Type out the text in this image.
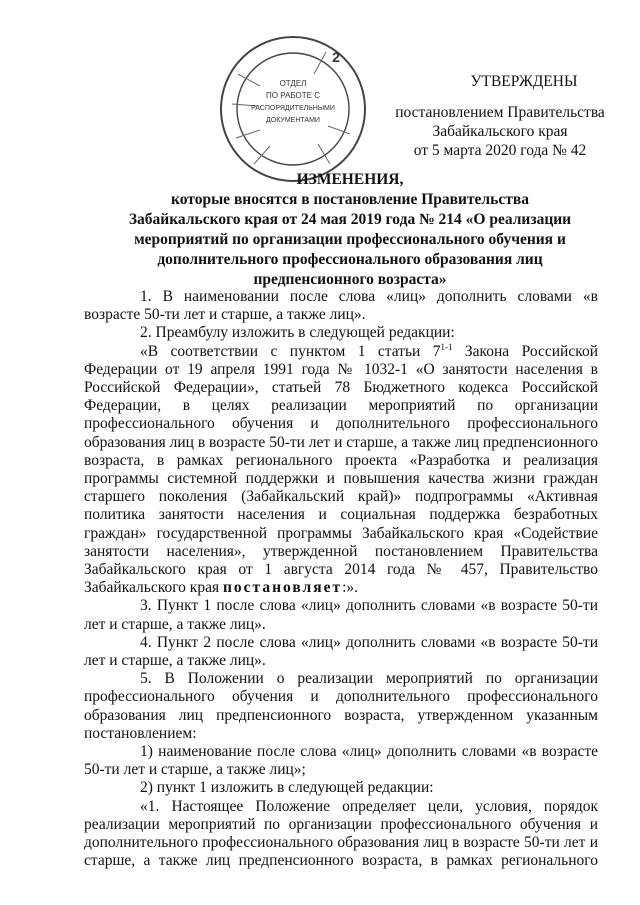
ОТДЕЛ
ПО РАБОТЕ С
РАСПОРЯДИТЕЛЬНЫМИ
ДОКУМЕНТАМИ
2
УТВЕРЖДЕНЫ
постановлением Правительства
Забайкальского края
от 5 марта 2020 года № 42
ИЗМЕНЕНИЯ,
которые вносятся в постановление Правительства
Забайкальского края от 24 мая 2019 года № 214 «О реализации
мероприятий по организации профессионального обучения и
дополнительного профессионального образования лиц
предпенсионного возраста»

1. В наименовании после слова «лиц» дополнить словами «в возрасте 50-ти лет и старше, а также лиц».

2. Преамбулу изложить в следующей редакции:

«В соответствии с пунктом 1 статьи 7$^{1-1}$ Закона Российской Федерации от 19 апреля 1991 года № 1032-1 «О занятости населения в Российской Федерации», статьей 78 Бюджетного кодекса Российской Федерации, в целях реализации мероприятий по организации профессионального обучения и дополнительного профессионального образования лиц в возрасте 50-ти лет и старше, а также лиц предпенсионного возраста, в рамках регионального проекта «Разработка и реализация программы системной поддержки и повышения качества жизни граждан старшего поколения (Забайкальский край)» подпрограммы «Активная политика занятости населения и социальная поддержка безработных граждан» государственной программы Забайкальского края «Содействие занятости населения», утвержденной постановлением Правительства Забайкальского края от 1 августа 2014 года № 457, Правительство Забайкальского края постановляет:».

3. Пункт 1 после слова «лиц» дополнить словами «в возрасте 50-ти лет и старше, а также лиц».

4. Пункт 2 после слова «лиц» дополнить словами «в возрасте 50-ти лет и старше, а также лиц».

5. В Положении о реализации мероприятий по организации профессионального обучения и дополнительного профессионального образования лиц предпенсионного возраста, утвержденном указанным постановлением:

1) наименование после слова «лиц» дополнить словами «в возрасте 50-ти лет и старше, а также лиц»;

2) пункт 1 изложить в следующей редакции:

«1. Настоящее Положение определяет цели, условия, порядок реализации мероприятий по организации профессионального обучения и дополнительного профессионального образования лиц в возрасте 50-ти лет и старше, а также лиц предпенсионного возраста, в рамках регионального
